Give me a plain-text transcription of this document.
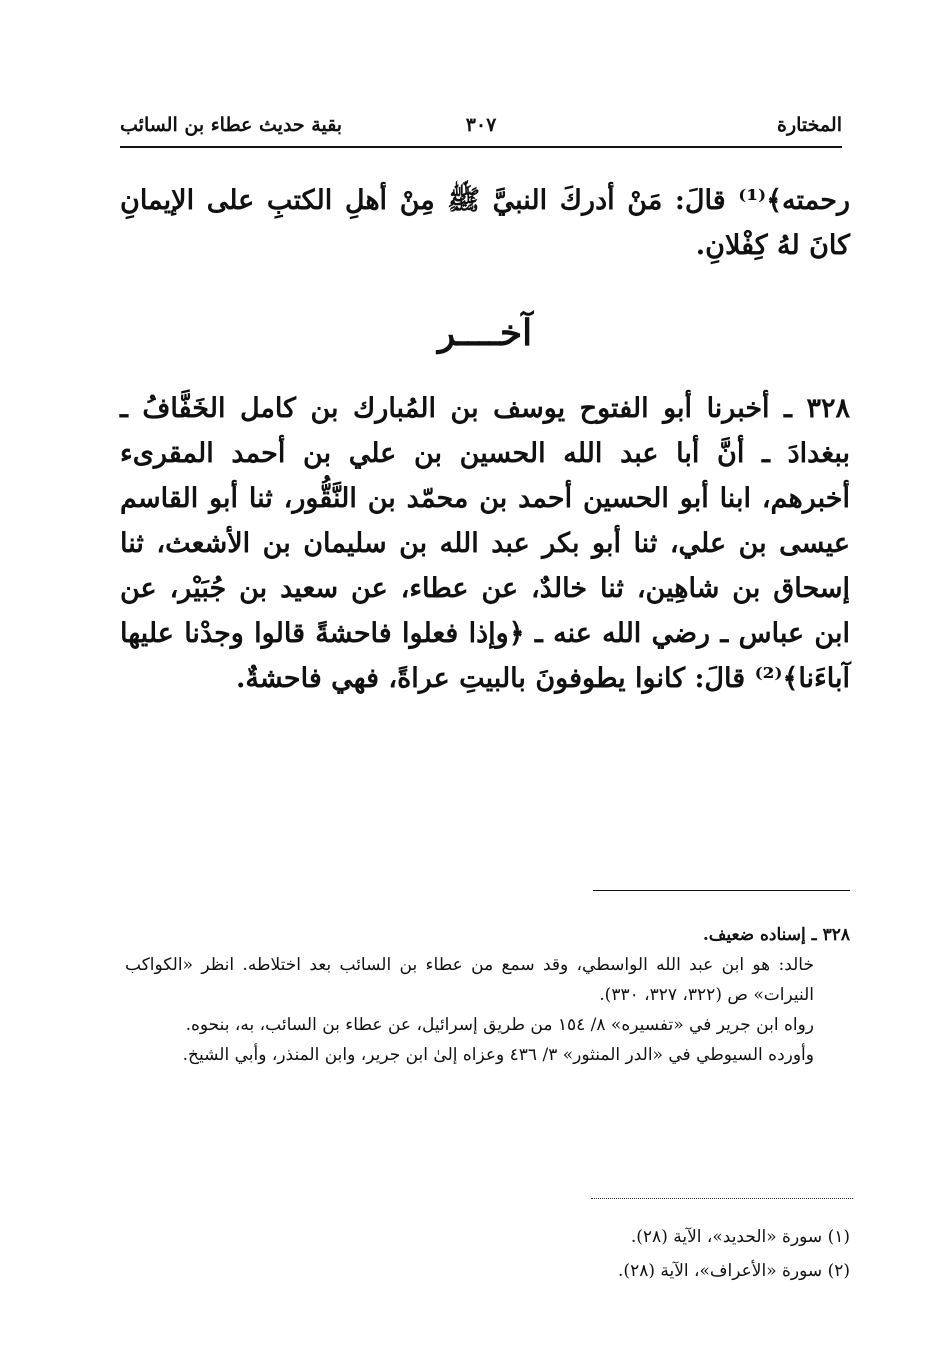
المختارة
٣٠٧
بقية حديث عطاء بن السائب

رحمته﴾⁽¹⁾ قالَ: مَنْ أدركَ النبيَّ ﷺ مِنْ أهلِ الكتبِ على الإيمانِ كانَ لهُ كِفْلانِ.

آخــــر

٣٢٨ ـ أخبرنا أبو الفتوح يوسف بن المُبارك بن كامل الخَفَّافُ ـ ببغدادَ ـ أنَّ أبا عبد الله الحسين بن علي بن أحمد المقرىء أخبرهم، ابنا أبو الحسين أحمد بن محمّد بن النَّقُّور، ثنا أبو القاسم عيسى بن علي، ثنا أبو بكر عبد الله بن سليمان بن الأشعث، ثنا إسحاق بن شاهِين، ثنا خالدٌ، عن عطاء، عن سعيد بن جُبَيْر، عن ابن عباس ـ رضي الله عنه ـ ﴿وإذا فعلوا فاحشةً قالوا وجدْنا عليها آباءَنا﴾⁽²⁾ قالَ: كانوا يطوفونَ بالبيتِ عراةً، فهي فاحشةٌ.

٣٢٨ ـ إسناده ضعيف.

خالد: هو ابن عبد الله الواسطي، وقد سمع من عطاء بن السائب بعد اختلاطه. انظر «الكواكب النيرات» ص (٣٢٢، ٣٢٧، ٣٣٠).

رواه ابن جرير في «تفسيره» ٨/ ١٥٤ من طريق إسرائيل، عن عطاء بن السائب، به، بنحوه.

وأورده السيوطي في «الدر المنثور» ٣/ ٤٣٦ وعزاه إلىٰ ابن جرير، وابن المنذر، وأبي الشيخ.

(١) سورة «الحديد»، الآية (٢٨).

(٢) سورة «الأعراف»، الآية (٢٨).
